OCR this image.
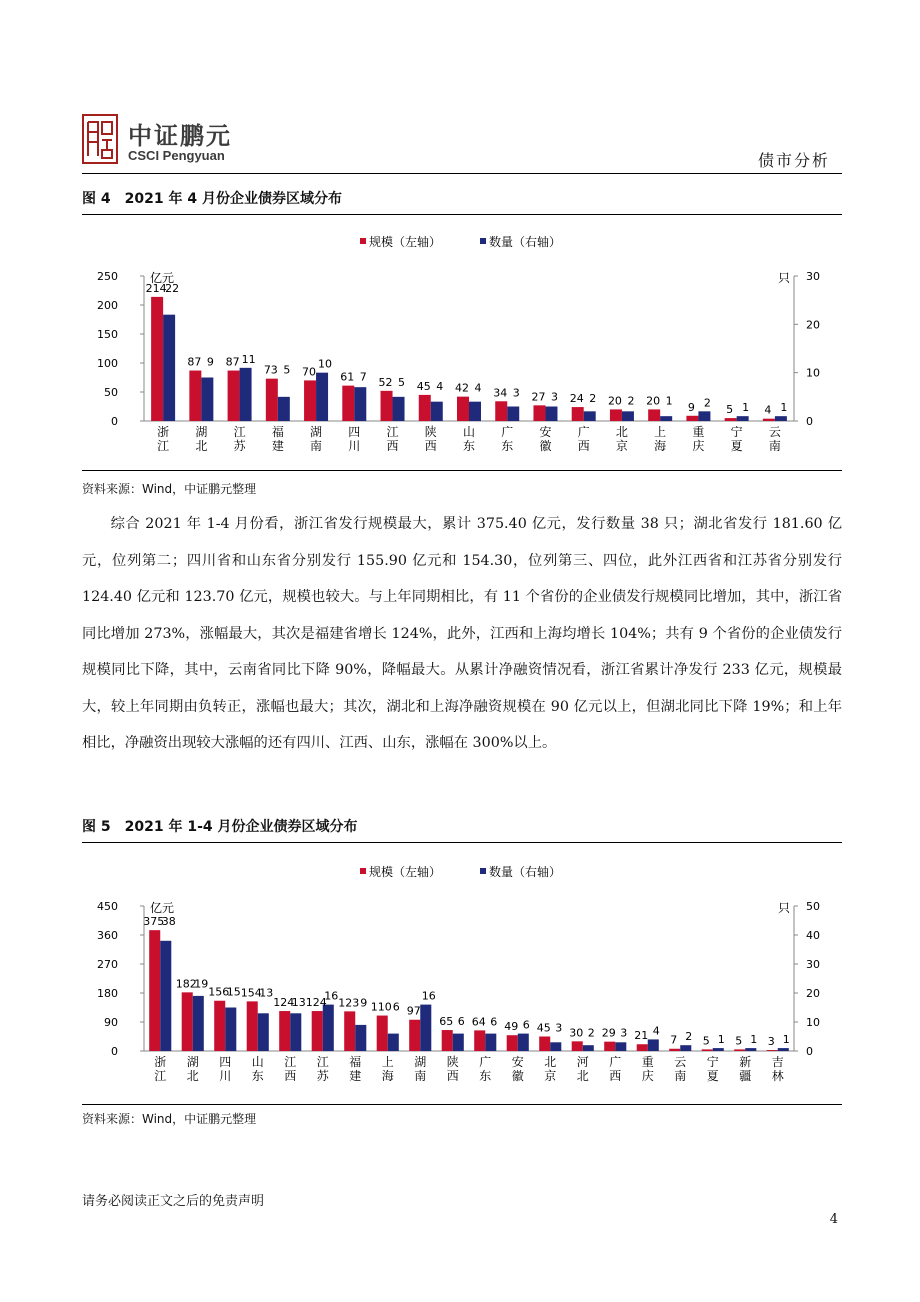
中证鹏元
CSCI Pengyuan	债市分析
图 4 2021 年 4 月份企业债券区域分布
规模（左轴）	数量（右轴）
0
50
100
150
200
250
0
10
20
30
亿元	只
214
22
浙
江
87 9
湖
北
87 11
江
苏
73 5
福
建
70
10
湖
南
61 7
四
川
52 5
江
西
45 4
陕
西
42 4
山
东
34 3
广
东
27 3
安
徽
24 2
广
西
20 2
北
京
20 1
上
海
9 2
重
庆
5 1
宁
夏
4 1
云
南
资料来源：Wind，中证鹏元整理

综合 2021 年 1-4 月份看，浙江省发行规模最大，累计 375.40 亿元，发行数量 38 只；湖北省发行 181.60 亿元，位列第二；四川省和山东省分别发行 155.90 亿元和 154.30，位列第三、四位，此外江西省和江苏省分别发行 124.40 亿元和 123.70 亿元，规模也较大。与上年同期相比，有 11 个省份的企业债发行规模同比增加，其中，浙江省同比增加 273%，涨幅最大，其次是福建省增长 124%，此外，江西和上海均增长 104%；共有 9 个省份的企业债发行规模同比下降，其中，云南省同比下降 90%，降幅最大。从累计净融资情况看，浙江省累计净发行 233 亿元，规模最大，较上年同期由负转正，涨幅也最大；其次，湖北和上海净融资规模在 90 亿元以上，但湖北同比下降 19%；和上年相比，净融资出现较大涨幅的还有四川、江西、山东，涨幅在 300%以上。

图 5 2021 年 1-4 月份企业债券区域分布
规模（左轴）	数量（右轴）
0
90
180
270
360
450
0
10
20
30
40
50
亿元	只
375
38
浙
江
182
19
湖
北
156
15
四
川
154
13
山
东
124
13
江
西
124
16
江
苏
123 9
福
建
110 6
上
海
97
16
湖
南
65 6
陕
西
64 6
广
东
49 6
安
徽
45 3
北
京
30 2
河
北
29 3
广
西
21 4
重
庆
7 2
云
南
5 1
宁
夏
5 1
新
疆
3 1
吉
林
资料来源：Wind，中证鹏元整理
请务必阅读正文之后的免责声明
4
